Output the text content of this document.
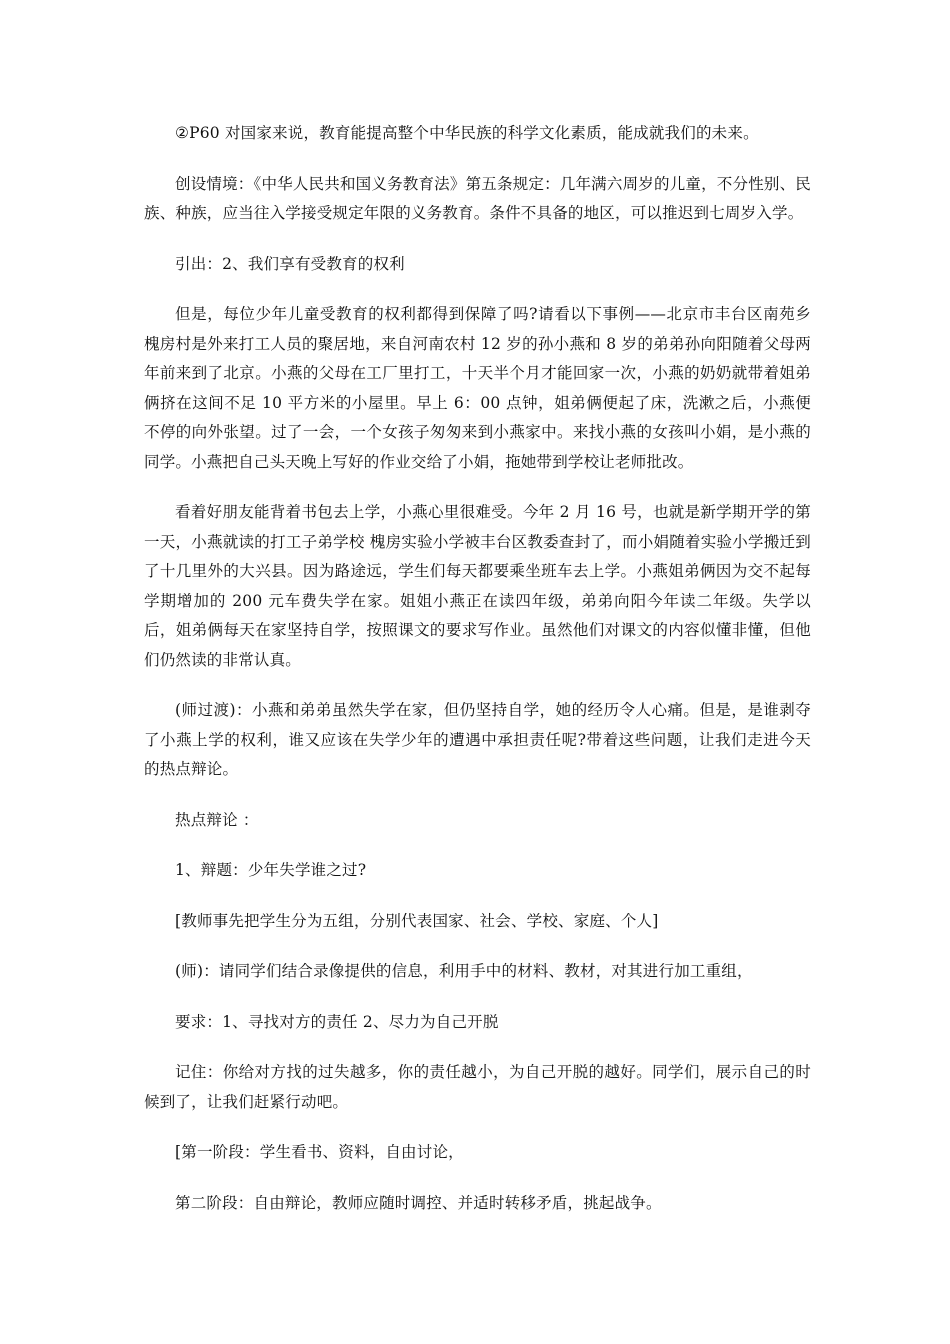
②P60 对国家来说，教育能提高整个中华民族的科学文化素质，能成就我们的未来。

创设情境：《中华人民共和国义务教育法》第五条规定：几年满六周岁的儿童，不分性别、民族、种族，应当往入学接受规定年限的义务教育。条件不具备的地区，可以推迟到七周岁入学。

引出：2、我们享有受教育的权利

但是，每位少年儿童受教育的权利都得到保障了吗?请看以下事例——北京市丰台区南苑乡槐房村是外来打工人员的聚居地，来自河南农村 12 岁的孙小燕和 8 岁的弟弟孙向阳随着父母两年前来到了北京。小燕的父母在工厂里打工，十天半个月才能回家一次，小燕的奶奶就带着姐弟俩挤在这间不足 10 平方米的小屋里。早上 6：00 点钟，姐弟俩便起了床，洗漱之后，小燕便不停的向外张望。过了一会，一个女孩子匆匆来到小燕家中。来找小燕的女孩叫小娟，是小燕的同学。小燕把自己头天晚上写好的作业交给了小娟，拖她带到学校让老师批改。

看着好朋友能背着书包去上学，小燕心里很难受。今年 2 月 16 号，也就是新学期开学的第一天，小燕就读的打工子弟学校 槐房实验小学被丰台区教委查封了，而小娟随着实验小学搬迁到了十几里外的大兴县。因为路途远，学生们每天都要乘坐班车去上学。小燕姐弟俩因为交不起每学期增加的 200 元车费失学在家。姐姐小燕正在读四年级，弟弟向阳今年读二年级。失学以后，姐弟俩每天在家坚持自学，按照课文的要求写作业。虽然他们对课文的内容似懂非懂，但他们仍然读的非常认真。

(师过渡)：小燕和弟弟虽然失学在家，但仍坚持自学，她的经历令人心痛。但是，是谁剥夺了小燕上学的权利，谁又应该在失学少年的遭遇中承担责任呢?带着这些问题，让我们走进今天的热点辩论。

热点辩论 ：

1、辩题：少年失学谁之过?

[教师事先把学生分为五组，分别代表国家、社会、学校、家庭、个人]

(师)：请同学们结合录像提供的信息，利用手中的材料、教材，对其进行加工重组，

要求：1、寻找对方的责任 2、尽力为自己开脱

记住：你给对方找的过失越多，你的责任越小，为自己开脱的越好。同学们，展示自己的时候到了，让我们赶紧行动吧。

[第一阶段：学生看书、资料，自由讨论，

第二阶段：自由辩论，教师应随时调控、并适时转移矛盾，挑起战争。
